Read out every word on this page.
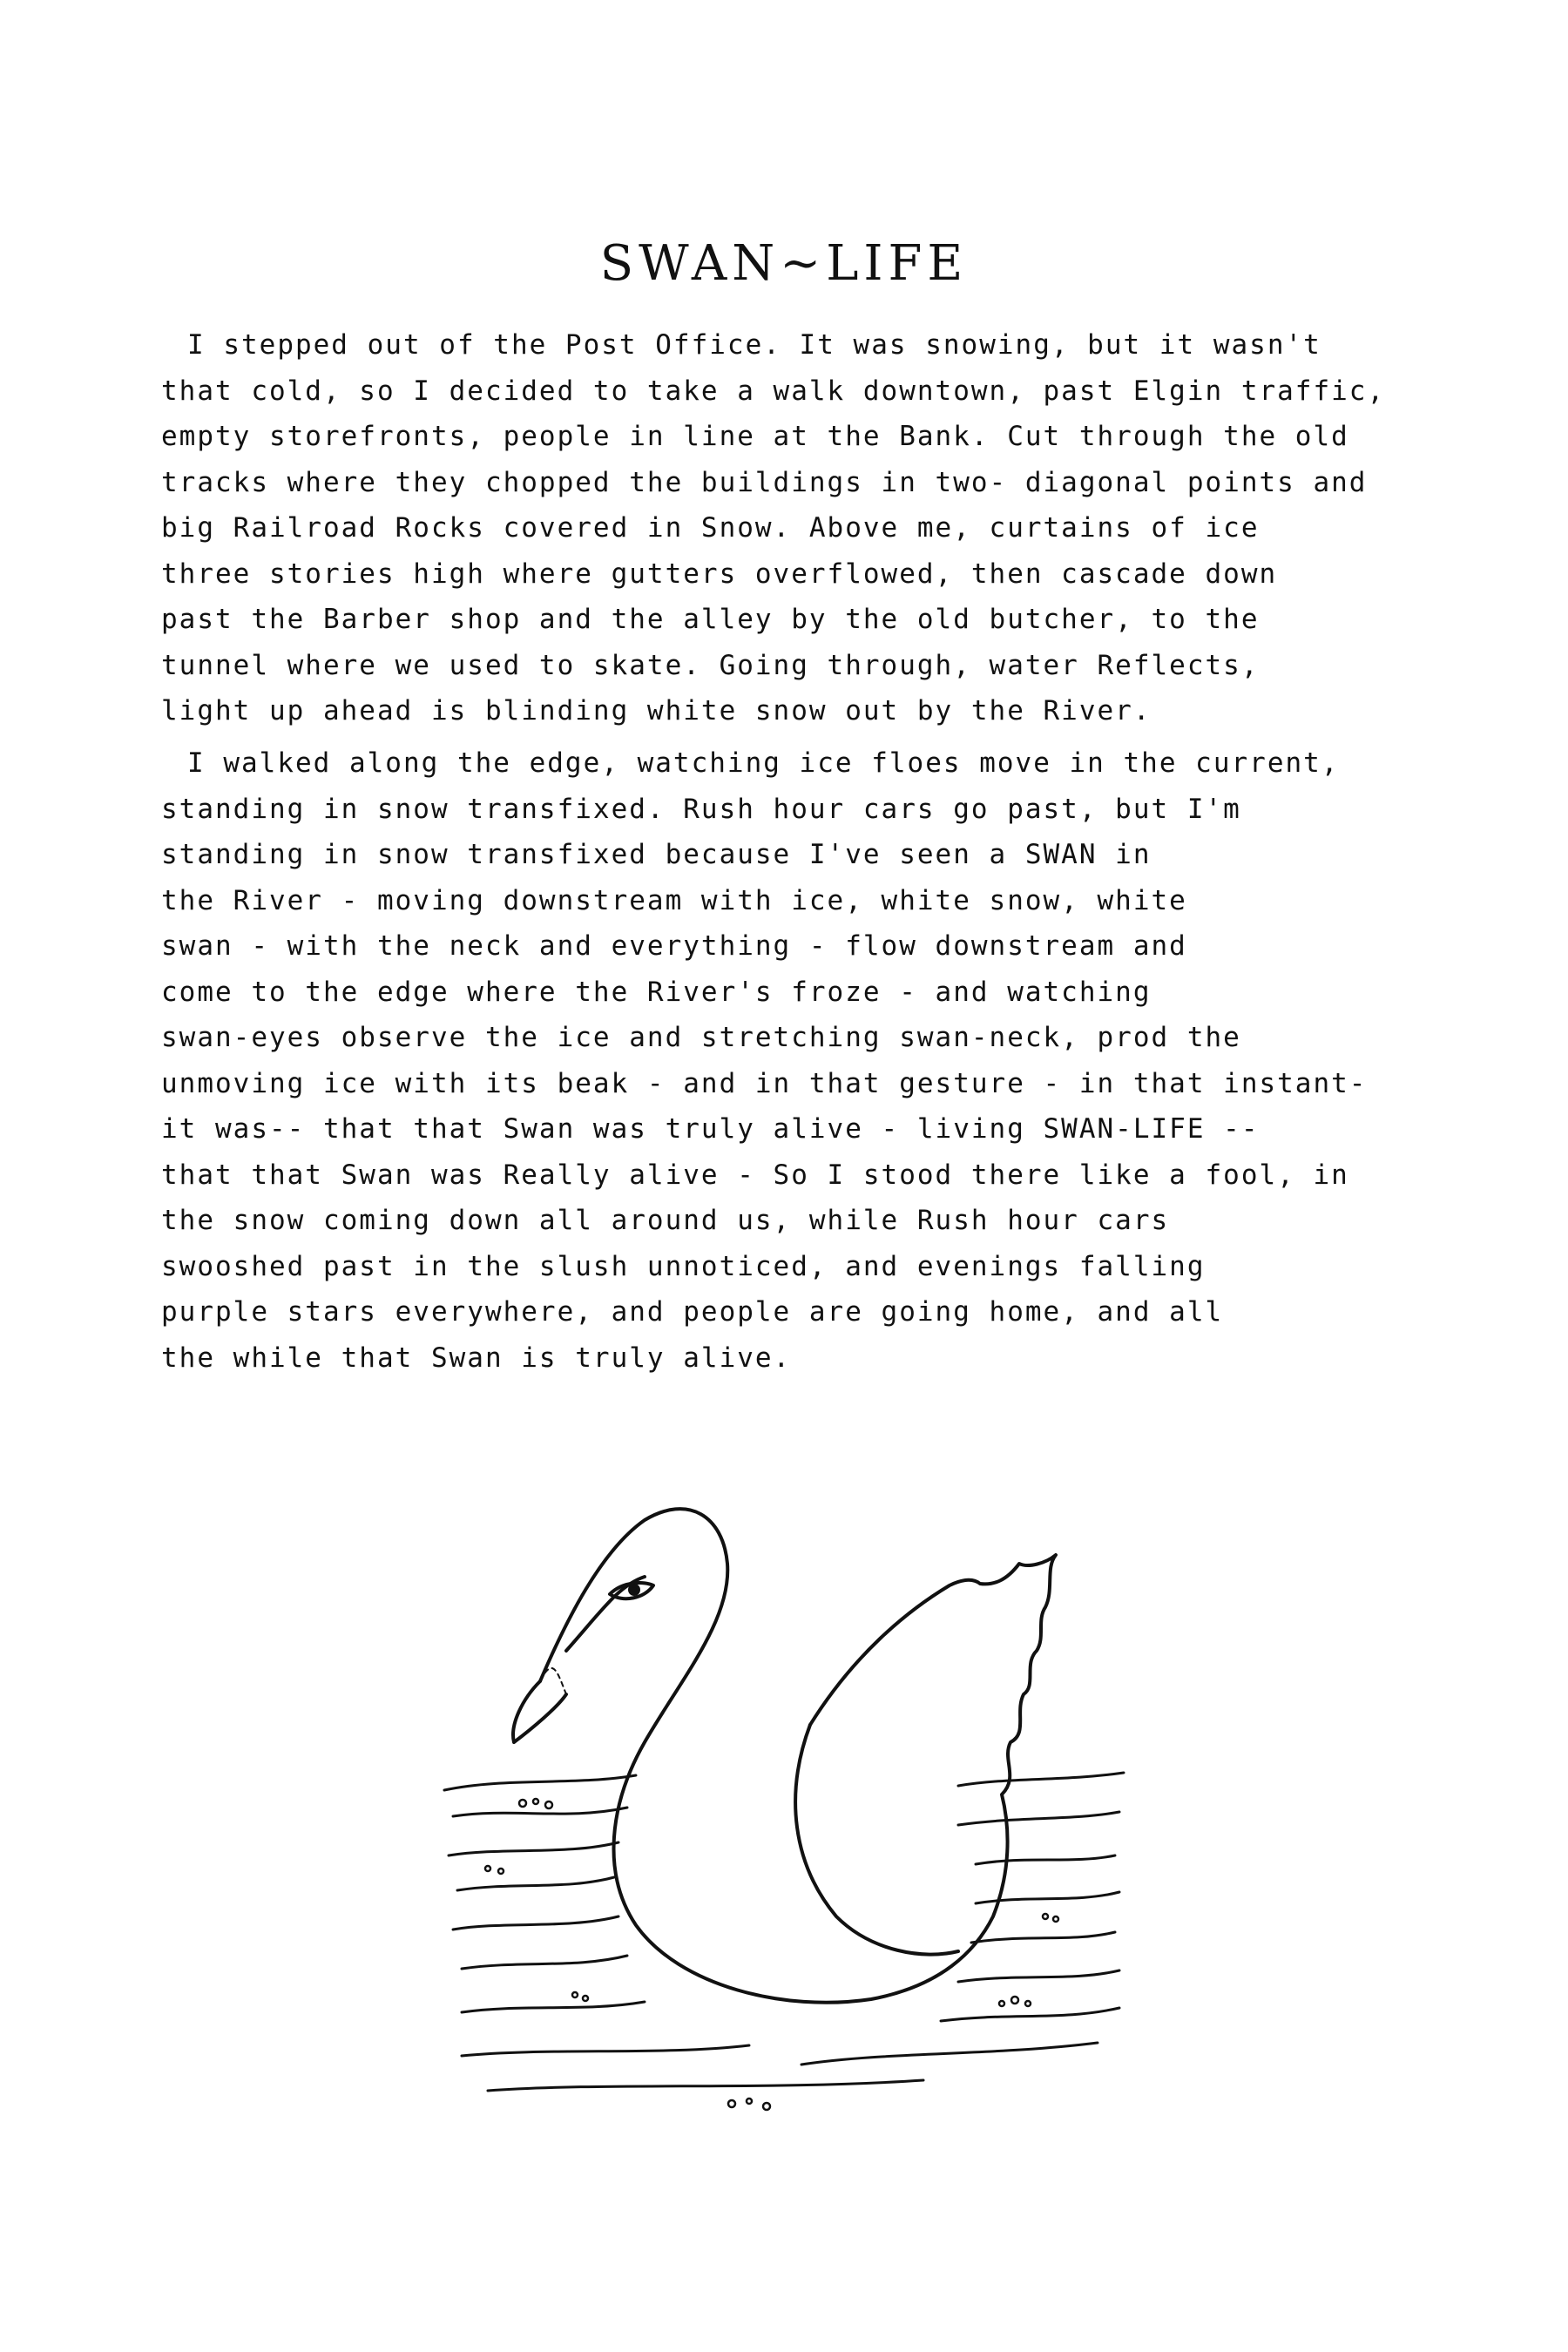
SWAN~LIFE
I stepped out of the Post Office. It was snowing, but it wasn't
that cold, so I decided to take a walk downtown, past Elgin traffic,
empty storefronts, people in line at the Bank. Cut through the old
tracks where they chopped the buildings in two- diagonal points and
big Railroad Rocks covered in Snow. Above me, curtains of ice
three stories high where gutters overflowed, then cascade down
past the Barber shop and the alley by the old butcher, to the
tunnel where we used to skate. Going through, water Reflects,
light up ahead is blinding white snow out by the River.
I walked along the edge, watching ice floes move in the current,
standing in snow transfixed. Rush hour cars go past, but I'm
standing in snow transfixed because I've seen a SWAN in
the River - moving downstream with ice, white snow, white
swan - with the neck and everything - flow downstream and
come to the edge where the River's froze - and watching
swan-eyes observe the ice and stretching swan-neck, prod the
unmoving ice with its beak - and in that gesture - in that instant-
it was-- that that Swan was truly alive - living SWAN-LIFE --
that that Swan was Really alive - So I stood there like a fool, in
the snow coming down all around us, while Rush hour cars
swooshed past in the slush unnoticed, and evenings falling
purple stars everywhere, and people are going home, and all
the while that Swan is truly alive.
